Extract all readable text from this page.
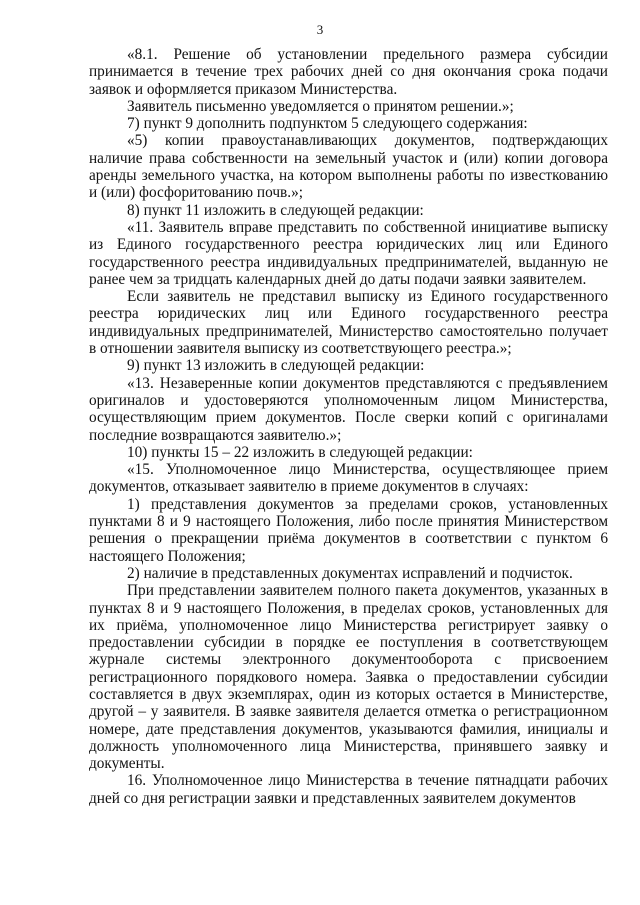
3

«8.1. Решение об установлении предельного размера субсидии принимается в течение трех рабочих дней со дня окончания срока подачи заявок и оформляется приказом Министерства.

Заявитель письменно уведомляется о принятом решении.»;

7) пункт 9 дополнить подпунктом 5 следующего содержания:

«5) копии правоустанавливающих документов, подтверждающих наличие права собственности на земельный участок и (или) копии договора аренды земельного участка, на котором выполнены работы по известкованию и (или) фосфоритованию почв.»;

8) пункт 11 изложить в следующей редакции:

«11. Заявитель вправе представить по собственной инициативе выписку из Единого государственного реестра юридических лиц или Единого государственного реестра индивидуальных предпринимателей, выданную не ранее чем за тридцать календарных дней до даты подачи заявки заявителем.

Если заявитель не представил выписку из Единого государственного реестра юридических лиц или Единого государственного реестра индивидуальных предпринимателей, Министерство самостоятельно получает в отношении заявителя выписку из соответствующего реестра.»;

9) пункт 13 изложить в следующей редакции:

«13. Незаверенные копии документов представляются с предъявлением оригиналов и удостоверяются уполномоченным лицом Министерства, осуществляющим прием документов. После сверки копий с оригиналами последние возвращаются заявителю.»;

10) пункты 15 – 22 изложить в следующей редакции:

«15. Уполномоченное лицо Министерства, осуществляющее прием документов, отказывает заявителю в приеме документов в случаях:

1) представления документов за пределами сроков, установленных пунктами 8 и 9 настоящего Положения, либо после принятия Министерством решения о прекращении приёма документов в соответствии с пунктом 6 настоящего Положения;

2) наличие в представленных документах исправлений и подчисток.

При представлении заявителем полного пакета документов, указанных в пунктах 8 и 9 настоящего Положения, в пределах сроков, установленных для их приёма, уполномоченное лицо Министерства регистрирует заявку о предоставлении субсидии в порядке ее поступления в соответствующем журнале системы электронного документооборота с присвоением регистрационного порядкового номера. Заявка о предоставлении субсидии составляется в двух экземплярах, один из которых остается в Министерстве, другой – у заявителя. В заявке заявителя делается отметка о регистрационном номере, дате представления документов, указываются фамилия, инициалы и должность уполномоченного лица Министерства, принявшего заявку и документы.

16. Уполномоченное лицо Министерства в течение пятнадцати рабочих дней со дня регистрации заявки и представленных заявителем документов
